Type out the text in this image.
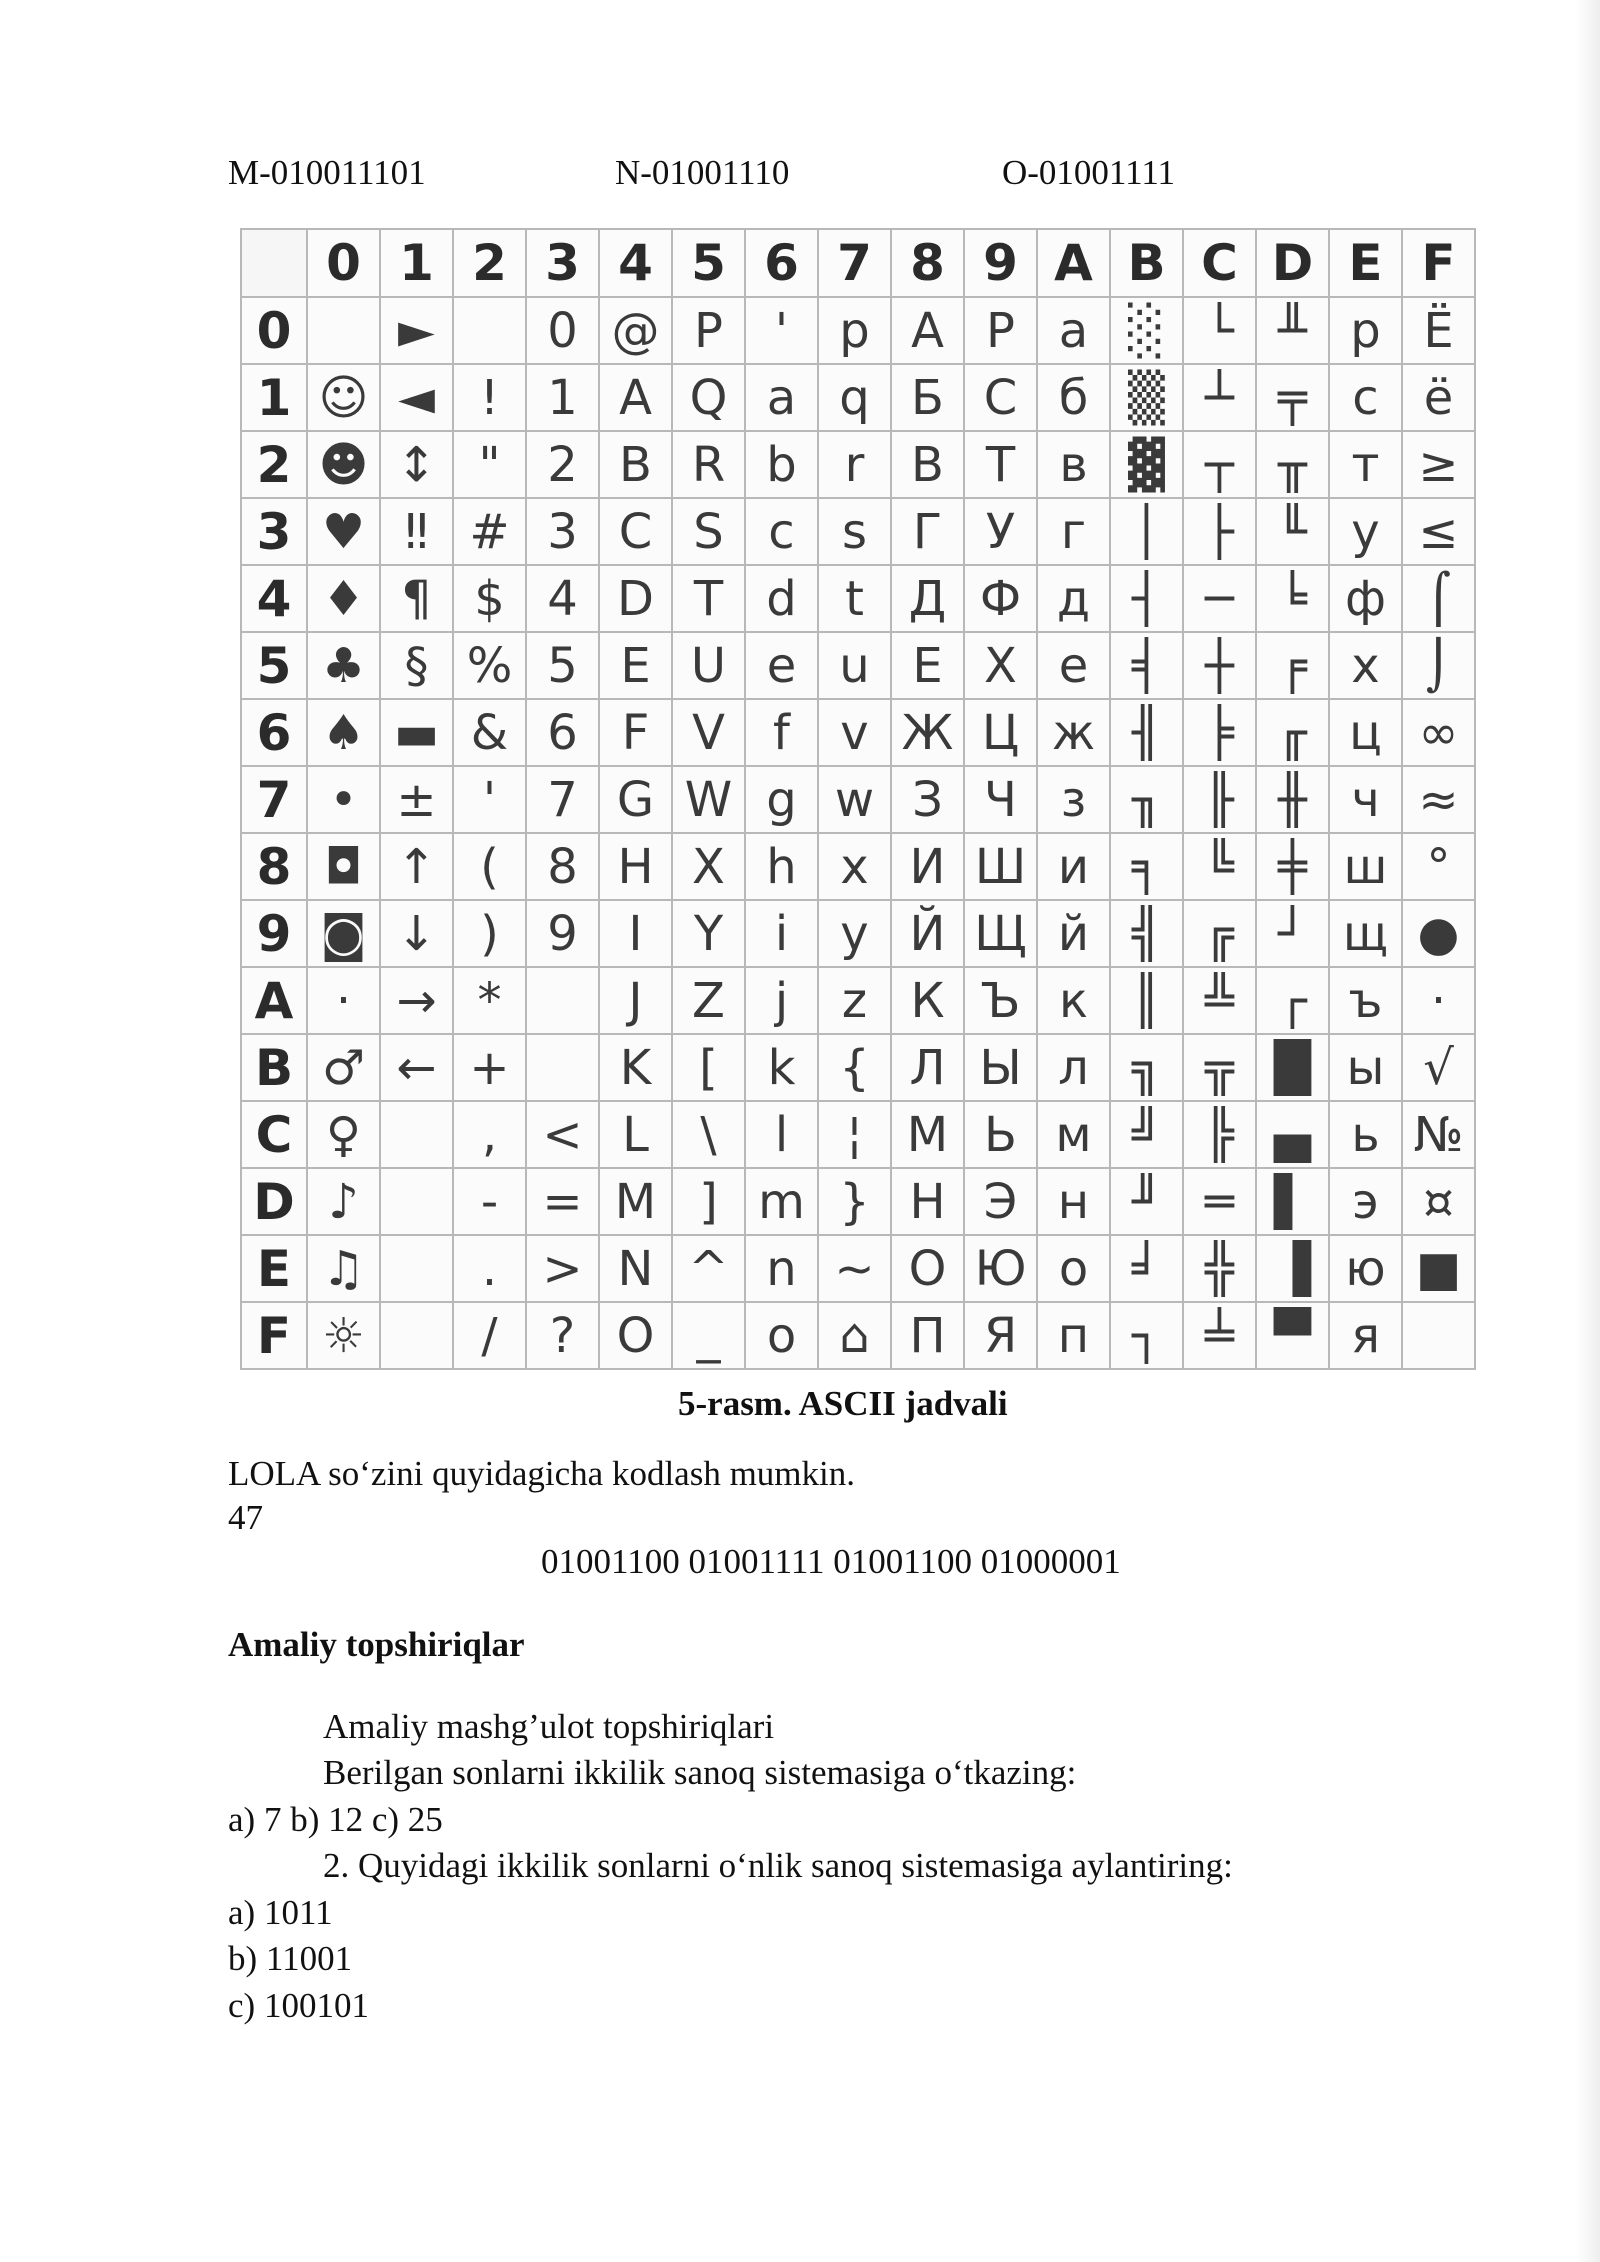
M-010011101	N-01001110	O-01001111
	0	1	2	3	4	5	6	7	8	9	A	B	C	D	E	F
0		►		0	@	P	'	p	А	Р	а	░	└	╨	р	Ё
1	☺	◄	!	1	A	Q	a	q	Б	С	б	▒	┴	╤	с	ё
2	☻	↕	"	2	B	R	b	r	В	Т	в	▓	┬	╥	т	≥
3	♥	‼	#	3	C	S	c	s	Г	У	г	│	├	╙	у	≤
4	♦	¶	$	4	D	T	d	t	Д	Ф	д	┤	─	╘	ф	⌠
5	♣	§	%	5	E	U	e	u	Е	Х	е	╡	┼	╒	х	⌡
6	♠	▬	&	6	F	V	f	v	Ж	Ц	ж	╢	╞	╓	ц	∞
7	•	±	'	7	G	W	g	w	З	Ч	з	╖	╟	╫	ч	≈
8	◘	↑	(	8	H	X	h	x	И	Ш	и	╕	╚	╪	ш	°
9	◙	↓	)	9	I	Y	i	y	Й	Щ	й	╣	╔	┘	щ	●
A	·	→	*		J	Z	j	z	К	Ъ	к	║	╩	┌	ъ	·
B	♂	←	+		K	[	k	{	Л	Ы	л	╗	╦	█	ы	√
C	♀		,	<	L	\	l	¦	М	Ь	м	╝	╠	▄	ь	№
D	♪		-	=	M	]	m	}	Н	Э	н	╜	═	▌	э	¤
E	♫		.	>	N	^	n	~	О	Ю	о	╛	╬	▐	ю	■
F	☼		/	?	O	_	o	⌂	П	Я	п	┐	╧	▀	я	
5-rasm. ASCII jadvali
LOLA so‘zini quyidagicha kodlash mumkin.
47
01001100 01001111 01001100 01000001
Amaliy topshiriqlar
Amaliy mashg’ulot topshiriqlari
Berilgan sonlarni ikkilik sanoq sistemasiga o‘tkazing:
a) 7 b) 12 c) 25
2. Quyidagi ikkilik sonlarni o‘nlik sanoq sistemasiga aylantiring:
a) 1011
b) 11001
c) 100101
